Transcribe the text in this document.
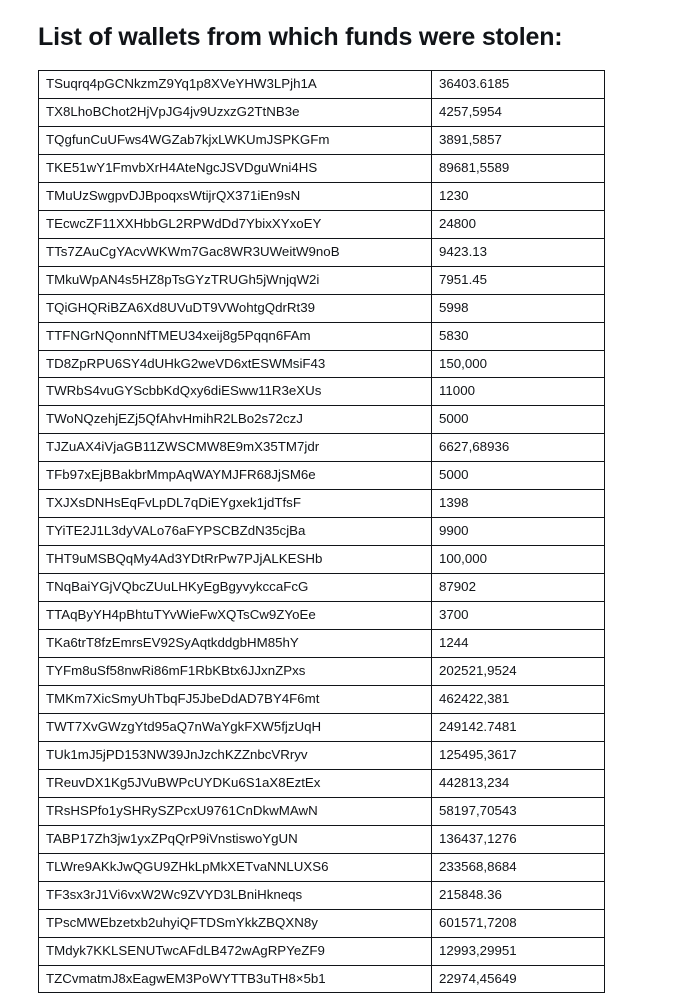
List of wallets from which funds were stolen:
TSuqrq4pGCNkzmZ9Yq1p8XVeYHW3LPjh1A	36403.6185
TX8LhoBChot2HjVpJG4jv9UzxzG2TtNB3e	4257,5954
TQgfunCuUFws4WGZab7kjxLWKUmJSPKGFm	3891,5857
TKE51wY1FmvbXrH4AteNgcJSVDguWni4HS	89681,5589
TMuUzSwgpvDJBpoqxsWtijrQX371iEn9sN	1230
TEcwcZF11XXHbbGL2RPWdDd7YbixXYxoEY	24800
TTs7ZAuCgYAcvWKWm7Gac8WR3UWeitW9noB	9423.13
TMkuWpAN4s5HZ8pTsGYzTRUGh5jWnjqW2i	7951.45
TQiGHQRiBZA6Xd8UVuDT9VWohtgQdrRt39	5998
TTFNGrNQonnNfTMEU34xeij8g5Pqqn6FAm	5830
TD8ZpRPU6SY4dUHkG2weVD6xtESWMsiF43	150,000
TWRbS4vuGYScbbKdQxy6diESww11R3eXUs	11000
TWoNQzehjEZj5QfAhvHmihR2LBo2s72czJ	5000
TJZuAX4iVjaGB11ZWSCMW8E9mX35TM7jdr	6627,68936
TFb97xEjBBakbrMmpAqWAYMJFR68JjSM6e	5000
TXJXsDNHsEqFvLpDL7qDiEYgxek1jdTfsF	1398
TYiTE2J1L3dyVALo76aFYPSCBZdN35cjBa	9900
THT9uMSBQqMy4Ad3YDtRrPw7PJjALKESHb	100,000
TNqBaiYGjVQbcZUuLHKyEgBgyvykccaFcG	87902
TTAqByYH4pBhtuTYvWieFwXQTsCw9ZYoEe	3700
TKa6trT8fzEmrsEV92SyAqtkddgbHM85hY	1244
TYFm8uSf58nwRi86mF1RbKBtx6JJxnZPxs	202521,9524
TMKm7XicSmyUhTbqFJ5JbeDdAD7BY4F6mt	462422,381
TWT7XvGWzgYtd95aQ7nWaYgkFXW5fjzUqH	249142.7481
TUk1mJ5jPD153NW39JnJzchKZZnbcVRryv	125495,3617
TReuvDX1Kg5JVuBWPcUYDKu6S1aX8EztEx	442813,234
TRsHSPfo1ySHRySZPcxU9761CnDkwMAwN	58197,70543
TABP17Zh3jw1yxZPqQrP9iVnstiswoYgUN	136437,1276
TLWre9AKkJwQGU9ZHkLpMkXETvaNNLUXS6	233568,8684
TF3sx3rJ1Vi6vxW2Wc9ZVYD3LBniHkneqs	215848.36
TPscMWEbzetxb2uhyiQFTDSmYkkZBQXN8y	601571,7208
TMdyk7KKLSENUTwcAFdLB472wAgRPYeZF9	12993,29951
TZCvmatmJ8xEagwEM3PoWYTTB3uTH8×5b1	22974,45649
